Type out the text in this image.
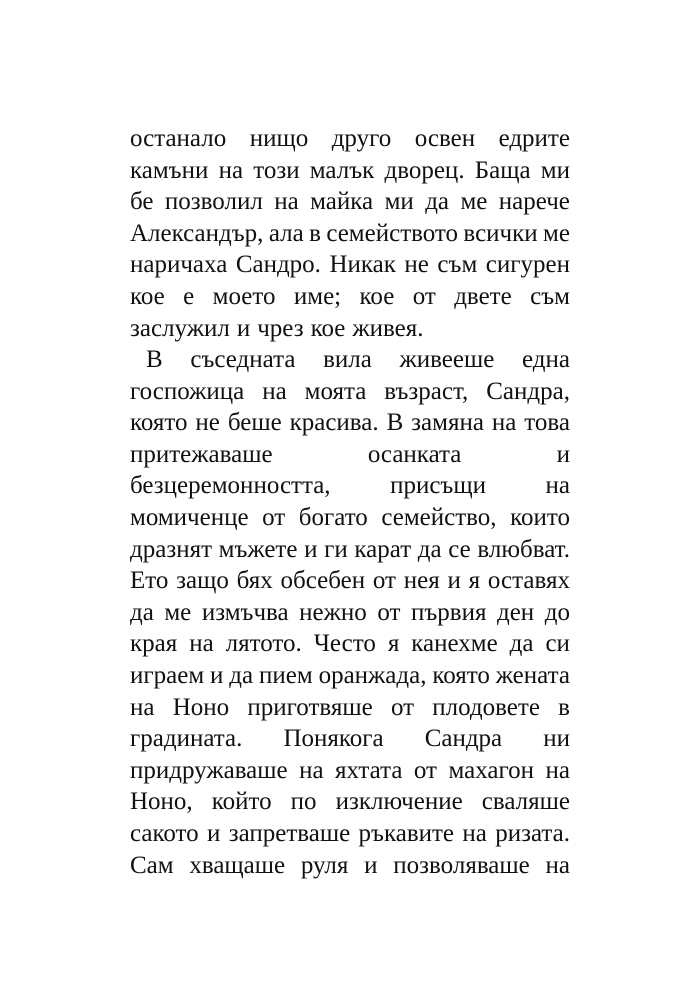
останало нищо друго освен едрите
камъни на този малък дворец. Баща ми
бе позволил на майка ми да ме нарече
Александър, ала в семейството всички ме
наричаха Сандро. Никак не съм сигурен
кое е моето име; кое от двете съм
заслужил и чрез кое живея.
В съседната вила живееше една
госпожица на моята възраст, Сандра,
която не беше красива. В замяна на това
притежаваше	осанката	и
безцеремонността, присъщи на
момиченце от богато семейство, които
дразнят мъжете и ги карат да се влюбват.
Ето защо бях обсебен от нея и я оставях
да ме измъчва нежно от първия ден до
края на лятото. Често я канехме да си
играем и да пием оранжада, която жената
на Ноно приготвяше от плодовете в
градината. Понякога Сандра ни
придружаваше на яхтата от махагон на
Ноно, който по изключение сваляше
сакото и запретваше ръкавите на ризата.
Сам хващаше руля и позволяваше на
